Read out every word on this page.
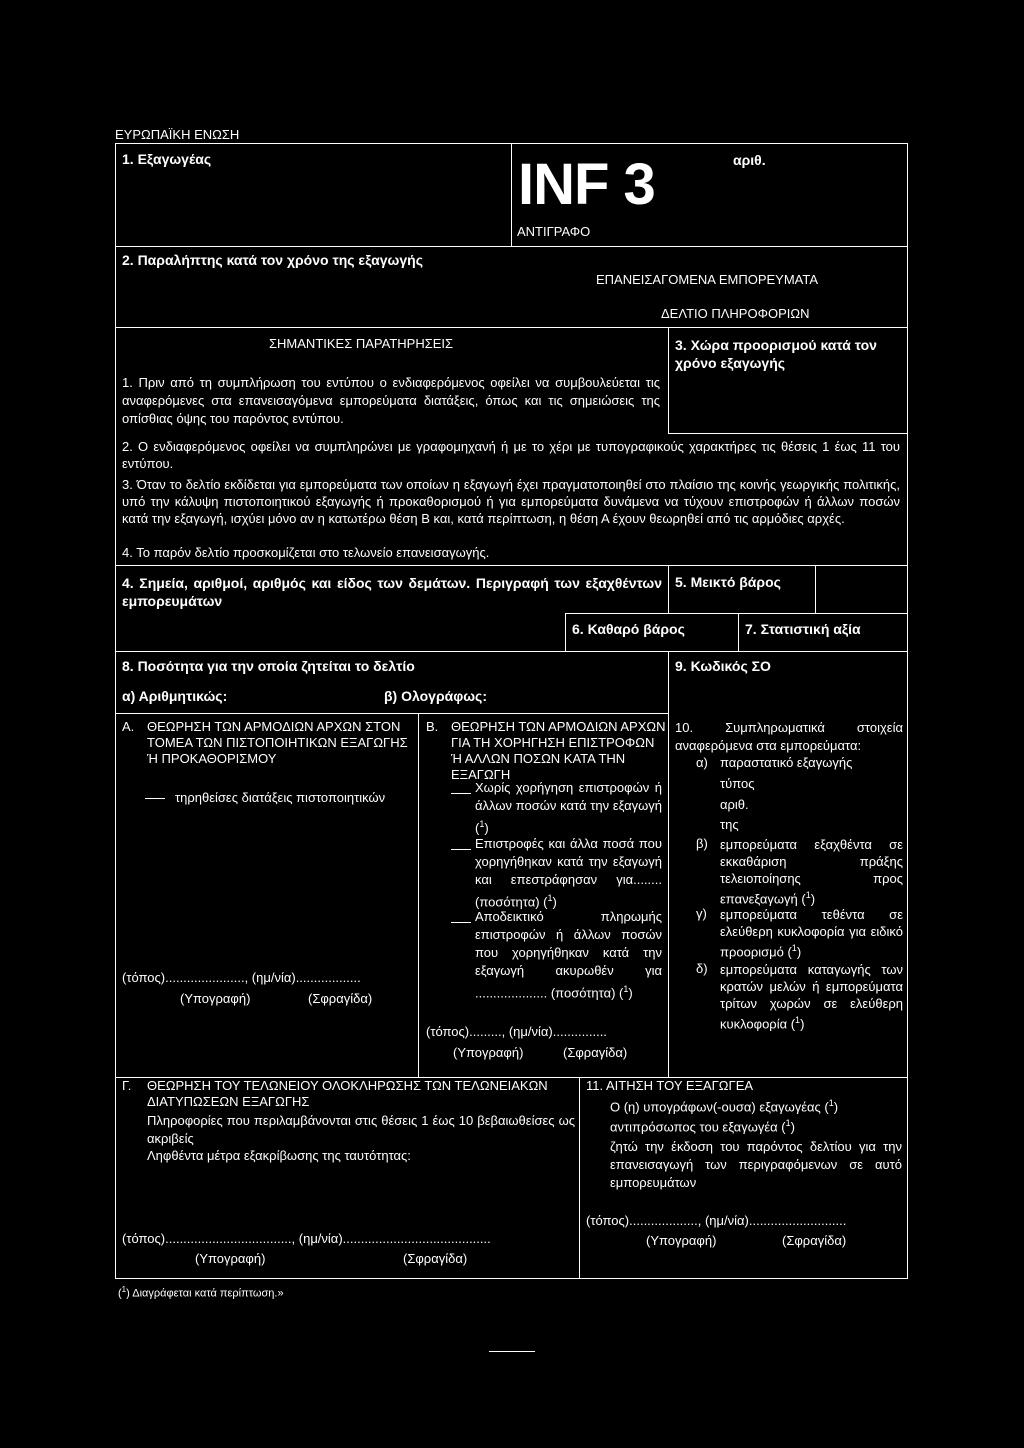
ΕΥΡΩΠΑΪΚΗ ΕΝΩΣΗ
1. Εξαγωγέας	INF 3
ΑΝΤΙΓΡΑΦΟ
αριθ.
2. Παραλήπτης κατά τον χρόνο της εξαγωγής
ΕΠΑΝΕΙΣΑΓΟΜΕΝΑ ΕΜΠΟΡΕΥΜΑΤΑ
ΔΕΛΤΙΟ ΠΛΗΡΟΦΟΡΙΩΝ
ΣΗΜΑΝΤΙΚΕΣ ΠΑΡΑΤΗΡΗΣΕΙΣ
1. Πριν από τη συμπλήρωση του εντύπου ο ενδιαφερόμενος οφείλει να συμβουλεύεται τις αναφερόμενες στα επανεισαγόμενα εμπορεύματα διατάξεις, όπως και τις σημειώσεις της οπίσθιας όψης του παρόντος εντύπου.
3. Χώρα προορισμού κατά τον χρόνο εξαγωγής
2. Ο ενδιαφερόμενος οφείλει να συμπληρώνει με γραφομηχανή ή με το χέρι με τυπογραφικούς χαρακτήρες τις θέσεις 1 έως 11 του εντύπου.
3. Όταν το δελτίο εκδίδεται για εμπορεύματα των οποίων η εξαγωγή έχει πραγματοποιηθεί στο πλαίσιο της κοινής γεωργικής πολιτικής, υπό την κάλυψη πιστοποιητικού εξαγωγής ή προκαθορισμού ή για εμπορεύματα δυνάμενα να τύχουν επιστροφών ή άλλων ποσών κατά την εξαγωγή, ισχύει μόνο αν η κατωτέρω θέση Β και, κατά περίπτωση, η θέση Α έχουν θεωρηθεί από τις αρμόδιες αρχές.
4. Το παρόν δελτίο προσκομίζεται στο τελωνείο επανεισαγωγής.
4. Σημεία, αριθμοί, αριθμός και είδος των δεμάτων. Περιγραφή των εξαχθέντων εμπορευμάτων
5. Μεικτό βάρος
6. Καθαρό βάρος	7. Στατιστική αξία
8. Ποσότητα για την οποία ζητείται το δελτίο
α) Αριθμητικώς:	β) Ολογράφως:
9. Κωδικός ΣΟ
Α. ΘΕΩΡΗΣΗ ΤΩΝ ΑΡΜΟΔΙΩΝ ΑΡΧΩΝ ΣΤΟΝ ΤΟΜΕΑ ΤΩΝ ΠΙΣΤΟΠΟΙΗΤΙΚΩΝ ΕΞΑΓΩΓΗΣ Ή ΠΡΟΚΑΘΟΡΙΣΜΟΥ
τηρηθείσες διατάξεις πιστοποιητικών
(τόπος)......................, (ημ/νία)..................
(Υπογραφή)	(Σφραγίδα)
Β. ΘΕΩΡΗΣΗ ΤΩΝ ΑΡΜΟΔΙΩΝ ΑΡΧΩΝ ΓΙΑ ΤΗ ΧΟΡΗΓΗΣΗ ΕΠΙΣΤΡΟΦΩΝ Ή ΑΛΛΩΝ ΠΟΣΩΝ ΚΑΤΑ ΤΗΝ ΕΞΑΓΩΓΗ
Χωρίς χορήγηση επιστροφών ή άλλων ποσών κατά την εξαγωγή ($^1$)
Επιστροφές και άλλα ποσά που χορηγήθηκαν κατά την εξαγωγή και επεστράφησαν για........ (ποσότητα) ($^1$)
Αποδεικτικό πληρωμής επιστροφών ή άλλων ποσών που χορηγήθηκαν κατά την εξαγωγή ακυρωθέν για .................... (ποσότητα) ($^1$)
(τόπος)........., (ημ/νία)...............
(Υπογραφή)	(Σφραγίδα)
10. Συμπληρωματικά στοιχεία αναφερόμενα στα εμπορεύματα:
α) παραστατικό εξαγωγής
τύπος
αριθ.
της
β) εμπορεύματα εξαχθέντα σε εκκαθάριση πράξης τελειοποίησης προς επανεξαγωγή ($^1$)
γ) εμπορεύματα τεθέντα σε ελεύθερη κυκλοφορία για ειδικό προορισμό ($^1$)
δ) εμπορεύματα καταγωγής των κρατών μελών ή εμπορεύματα τρίτων χωρών σε ελεύθερη κυκλοφορία ($^1$)
Γ. ΘΕΩΡΗΣΗ ΤΟΥ ΤΕΛΩΝΕΙΟΥ ΟΛΟΚΛΗΡΩΣΗΣ ΤΩΝ ΤΕΛΩΝΕΙΑΚΩΝ ΔΙΑΤΥΠΩΣΕΩΝ ΕΞΑΓΩΓΗΣ
Πληροφορίες που περιλαμβάνονται στις θέσεις 1 έως 10 βεβαιωθείσες ως ακριβείς
Ληφθέντα μέτρα εξακρίβωσης της ταυτότητας:
(τόπος)..................................., (ημ/νία).........................................
(Υπογραφή)	(Σφραγίδα)
11. ΑΙΤΗΣΗ ΤΟΥ ΕΞΑΓΩΓΕΑ
Ο (η) υπογράφων(-ουσα) εξαγωγέας ($^1$)
αντιπρόσωπος του εξαγωγέα ($^1$)
ζητώ την έκδοση του παρόντος δελτίου για την επανεισαγωγή των περιγραφόμενων σε αυτό εμπορευμάτων
(τόπος)..................., (ημ/νία)...........................
(Υπογραφή)	(Σφραγίδα)
($^1$) Διαγράφεται κατά περίπτωση.»
